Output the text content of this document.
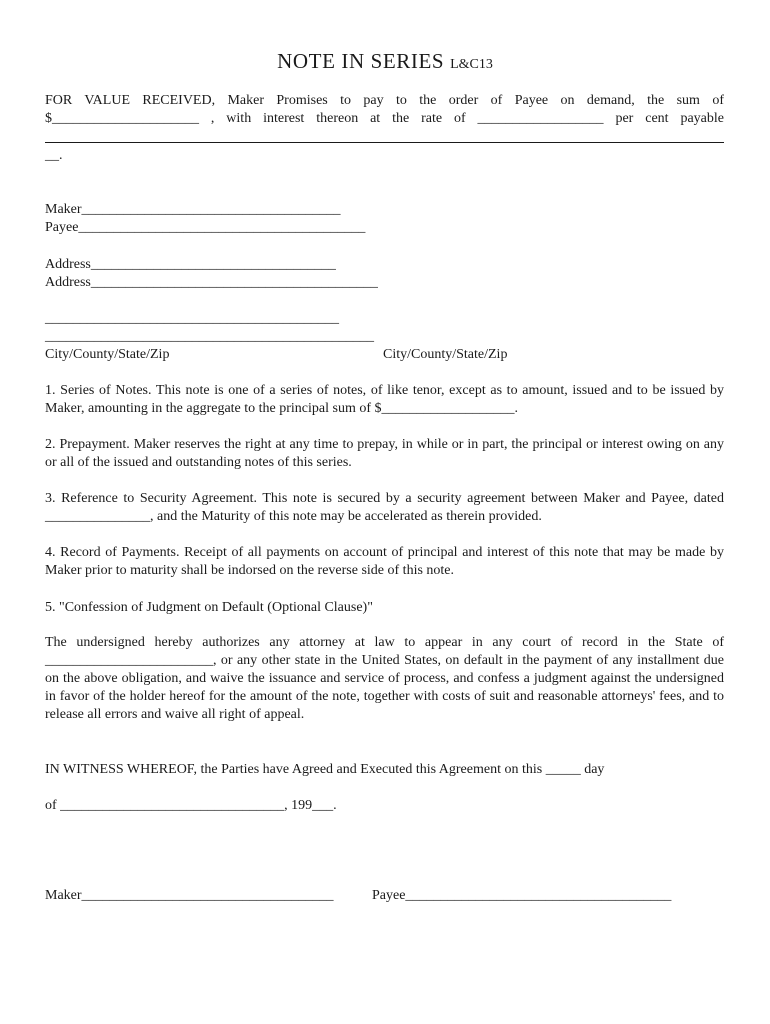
NOTE IN SERIES L&C13
FOR VALUE RECEIVED, Maker Promises to pay to the order of Payee on demand, the sum of
$_____________________ , with interest thereon at the rate of __________________ per cent payable
__.
Maker_____________________________________
Payee_________________________________________
Address___________________________________
Address_________________________________________
__________________________________________
_______________________________________________
City/County/State/Zip	City/County/State/Zip
1. Series of Notes. This note is one of a series of notes, of like tenor, except as to amount, issued and to be issued by Maker, amounting in the aggregate to the principal sum of $___________________.
2. Prepayment. Maker reserves the right at any time to prepay, in while or in part, the principal or interest owing on any or all of the issued and outstanding notes of this series.
3. Reference to Security Agreement. This note is secured by a security agreement between Maker and Payee, dated _______________, and the Maturity of this note may be accelerated as therein provided.
4. Record of Payments. Receipt of all payments on account of principal and interest of this note that may be made by Maker prior to maturity shall be indorsed on the reverse side of this note.
5. "Confession of Judgment on Default (Optional Clause)"
The undersigned hereby authorizes any attorney at law to appear in any court of record in the State of ________________________, or any other state in the United States, on default in the payment of any installment due on the above obligation, and waive the issuance and service of process, and confess a judgment against the undersigned in favor of the holder hereof for the amount of the note, together with costs of suit and reasonable attorneys' fees, and to release all errors and waive all right of appeal.
IN WITNESS WHEREOF, the Parties have Agreed and Executed this Agreement on this _____ day
of ________________________________, 199___.
Maker____________________________________	Payee______________________________________
